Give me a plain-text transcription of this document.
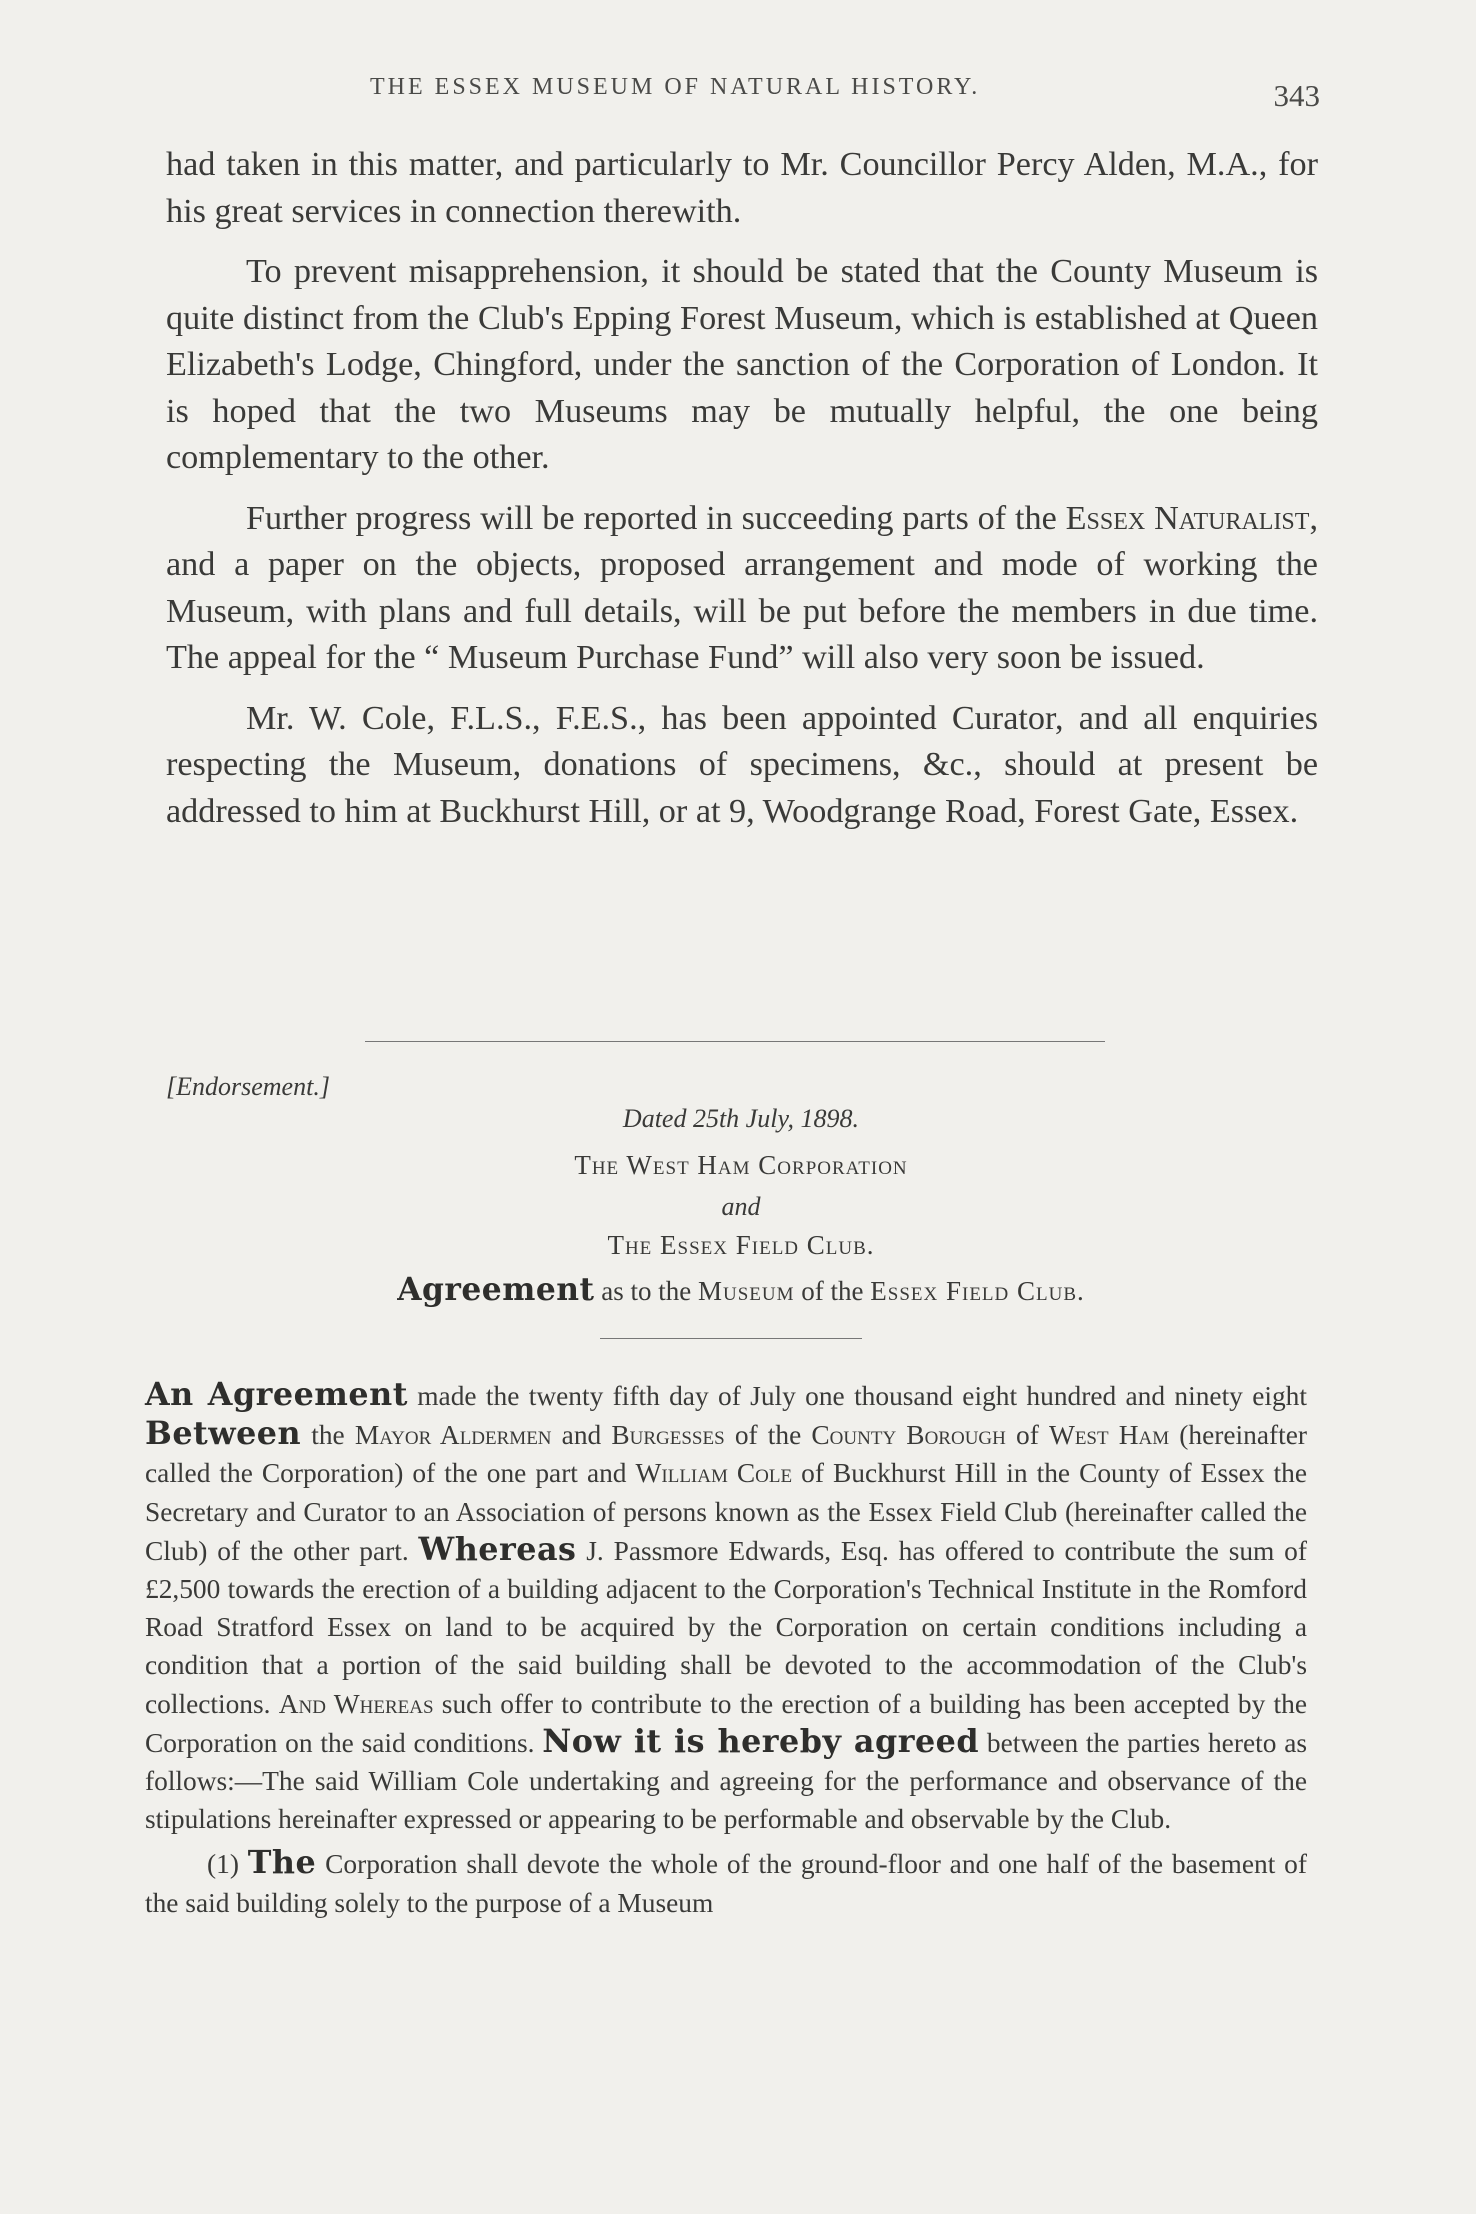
THE ESSEX MUSEUM OF NATURAL HISTORY.	343

had taken in this matter, and particularly to Mr. Councillor Percy Alden, M.A., for his great services in connection therewith.

To prevent misapprehension, it should be stated that the County Museum is quite distinct from the Club's Epping Forest Museum, which is established at Queen Elizabeth's Lodge, Chingford, under the sanction of the Corporation of London. It is hoped that the two Museums may be mutually helpful, the one being complementary to the other.

Further progress will be reported in succeeding parts of the Essex Naturalist, and a paper on the objects, proposed arrangement and mode of working the Museum, with plans and full details, will be put before the members in due time. The appeal for the “ Museum Purchase Fund” will also very soon be issued.

Mr. W. Cole, F.L.S., F.E.S., has been appointed Curator, and all enquiries respecting the Museum, donations of specimens, &c., should at present be addressed to him at Buckhurst Hill, or at 9, Woodgrange Road, Forest Gate, Essex.

[Endorsement.]
Dated 25th July, 1898.
The West Ham Corporation
and
The Essex Field Club.
Agreement as to the Museum of the Essex Field Club.

An Agreement made the twenty fifth day of July one thousand eight hundred and ninety eight Between the Mayor Aldermen and Burgesses of the County Borough of West Ham (hereinafter called the Corporation) of the one part and William Cole of Buckhurst Hill in the County of Essex the Secretary and Curator to an Association of persons known as the Essex Field Club (hereinafter called the Club) of the other part. Whereas J. Passmore Edwards, Esq. has offered to contribute the sum of £2,500 towards the erection of a building adjacent to the Corporation's Technical Institute in the Romford Road Stratford Essex on land to be acquired by the Corporation on certain conditions including a condition that a portion of the said building shall be devoted to the accommodation of the Club's collections. And Whereas such offer to contribute to the erection of a building has been accepted by the Corporation on the said conditions. Now it is hereby agreed between the parties hereto as follows:—The said William Cole undertaking and agreeing for the performance and observance of the stipulations hereinafter expressed or appearing to be performable and observable by the Club.

(1) The Corporation shall devote the whole of the ground-floor and one half of the basement of the said building solely to the purpose of a Museum
